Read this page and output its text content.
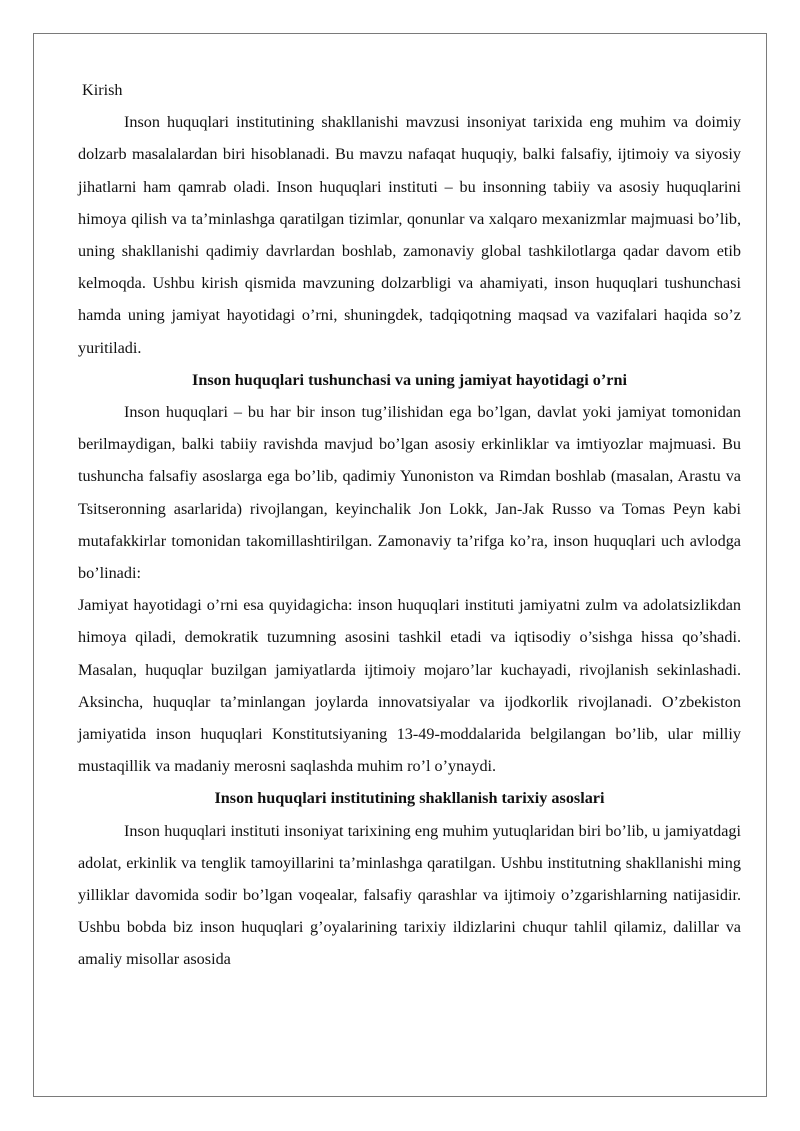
Kirish

Inson huquqlari institutining shakllanishi mavzusi insoniyat tarixida eng muhim va doimiy dolzarb masalalardan biri hisoblanadi. Bu mavzu nafaqat huquqiy, balki falsafiy, ijtimoiy va siyosiy jihatlarni ham qamrab oladi. Inson huquqlari instituti – bu insonning tabiiy va asosiy huquqlarini himoya qilish va ta’minlashga qaratilgan tizimlar, qonunlar va xalqaro mexanizmlar majmuasi bo’lib, uning shakllanishi qadimiy davrlardan boshlab, zamonaviy global tashkilotlarga qadar davom etib kelmoqda. Ushbu kirish qismida mavzuning dolzarbligi va ahamiyati, inson huquqlari tushunchasi hamda uning jamiyat hayotidagi o’rni, shuningdek, tadqiqotning maqsad va vazifalari haqida so’z yuritiladi.

Inson huquqlari tushunchasi va uning jamiyat hayotidagi o’rni

Inson huquqlari – bu har bir inson tug’ilishidan ega bo’lgan, davlat yoki jamiyat tomonidan berilmaydigan, balki tabiiy ravishda mavjud bo’lgan asosiy erkinliklar va imtiyozlar majmuasi. Bu tushuncha falsafiy asoslarga ega bo’lib, qadimiy Yunoniston va Rimdan boshlab (masalan, Arastu va Tsitseronning asarlarida) rivojlangan, keyinchalik Jon Lokk, Jan-Jak Russo va Tomas Peyn kabi mutafakkirlar tomonidan takomillashtirilgan. Zamonaviy ta’rifga ko’ra, inson huquqlari uch avlodga bo’linadi:

Jamiyat hayotidagi o’rni esa quyidagicha: inson huquqlari instituti jamiyatni zulm va adolatsizlikdan himoya qiladi, demokratik tuzumning asosini tashkil etadi va iqtisodiy o’sishga hissa qo’shadi. Masalan, huquqlar buzilgan jamiyatlarda ijtimoiy mojaro’lar kuchayadi, rivojlanish sekinlashadi. Aksincha, huquqlar ta’minlangan joylarda innovatsiyalar va ijodkorlik rivojlanadi. O’zbekiston jamiyatida inson huquqlari Konstitutsiyaning 13-49-moddalarida belgilangan bo’lib, ular milliy mustaqillik va madaniy merosni saqlashda muhim ro’l o’ynaydi.

Inson huquqlari institutining shakllanish tarixiy asoslari

Inson huquqlari instituti insoniyat tarixining eng muhim yutuqlaridan biri bo’lib, u jamiyatdagi adolat, erkinlik va tenglik tamoyillarini ta’minlashga qaratilgan. Ushbu institutning shakllanishi ming yilliklar davomida sodir bo’lgan voqealar, falsafiy qarashlar va ijtimoiy o’zgarishlarning natijasidir. Ushbu bobda biz inson huquqlari g’oyalarining tarixiy ildizlarini chuqur tahlil qilamiz, dalillar va amaliy misollar asosida
